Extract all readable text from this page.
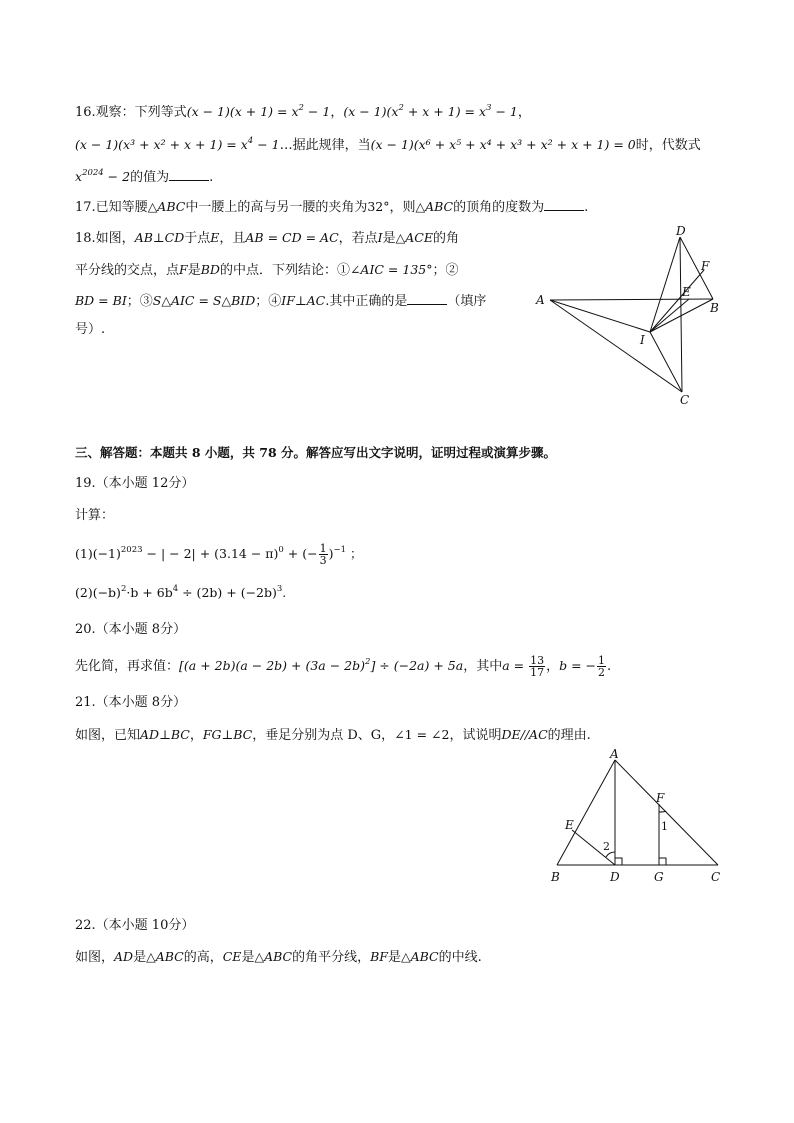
16.观察：下列等式$(x - 1)(x + 1) = x^2 - 1$，$(x - 1)(x^2 + x + 1) = x^3 - 1$，
$(x - 1)(x^3 + x^2 + x + 1) = x^4$ − 1…据此规律，当(x − 1)(x⁶ + x⁵ + x⁴ + x³ + x² + x + 1) = 0时，代数式
$x^{2024} - 2$的值为	.
17.已知等腰△ABC中一腰上的高与另一腰的夹角为32°，则△ABC的顶角的度数为	.
18.如图，AB⊥CD于点E，且AB = CD = AC，若点I是△ACE的角
平分线的交点，点F是BD的中点．下列结论：①∠AIC = 135°；②
BD = BI；③S△AIC = S△BID；④IF⊥AC.其中正确的是	（填序
号）.
A
B
C
D
E
F
I
三、解答题：本题共 8 小题，共 78 分。解答应写出文字说明，证明过程或演算步骤。
19.（本小题 12分）
计算：
$(1)(-1)^{2023}$ − | − $2| + (3.14 - \pi)^0$ + (− $\frac{1}{3} )^{-1}$ ；
$(2)(-b)^2\cdot b + 6b^4 \div (2b) + (-2b)^3$.
20.（本小题 8分）
先化简，再求值：$[(a + 2b)(a - 2b) + (3a - 2b)^2] \div (-2a) + 5a$，其中$a = \frac{13}{17}$ ，b = − $\frac{1}{2}$ .
21.（本小题 8分）
如图，已知AD⊥BC，FG⊥BC，垂足分别为点 D、G，∠1 = ∠2，试说明DE//AC的理由.
A
B	C
D
E
F
G
1
2
22.（本小题 10分）
如图，AD是△ABC的高，CE是△ABC的角平分线，BF是△ABC的中线.
